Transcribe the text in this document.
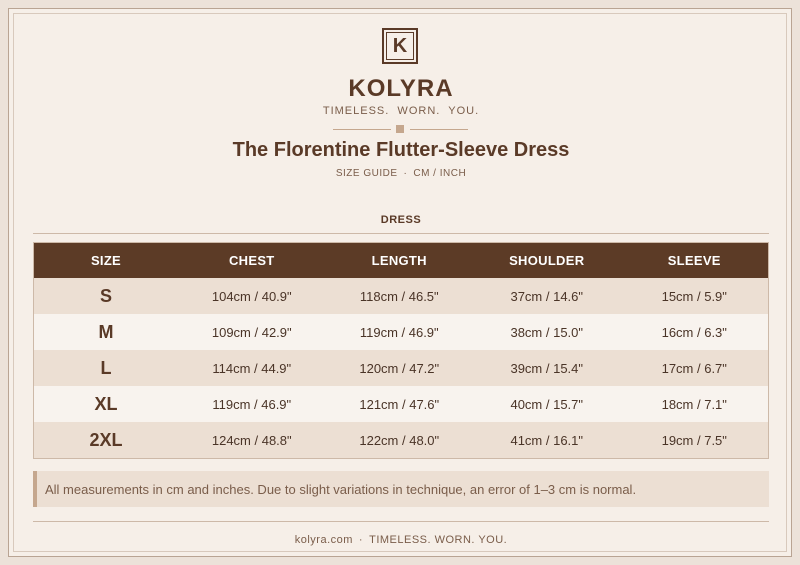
K
KOLYRA
TIMELESS.  WORN.  YOU.
The Florentine Flutter-Sleeve Dress
SIZE GUIDE · CM / INCH
DRESS
SIZE	CHEST	LENGTH	SHOULDER	SLEEVE
S	104cm / 40.9"	118cm / 46.5"	37cm / 14.6"	15cm / 5.9"
M	109cm / 42.9"	119cm / 46.9"	38cm / 15.0"	16cm / 6.3"
L	114cm / 44.9"	120cm / 47.2"	39cm / 15.4"	17cm / 6.7"
XL	119cm / 46.9"	121cm / 47.6"	40cm / 15.7"	18cm / 7.1"
2XL	124cm / 48.8"	122cm / 48.0"	41cm / 16.1"	19cm / 7.5"
All measurements in cm and inches. Due to slight variations in technique, an error of 1–3 cm is normal.
kolyra.com · TIMELESS. WORN. YOU.
